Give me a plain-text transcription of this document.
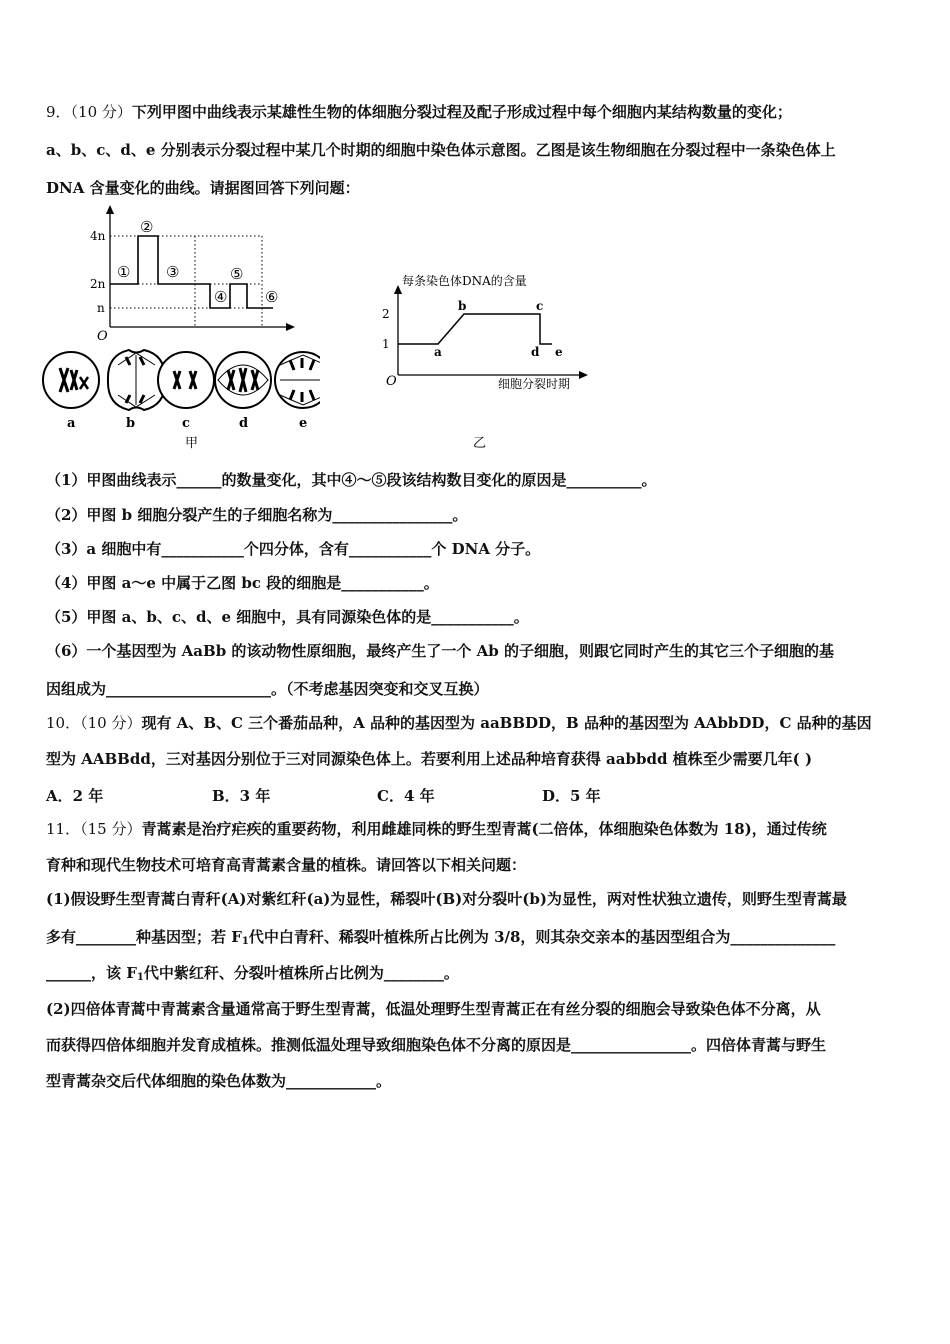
9．（10 分）下列甲图中曲线表示某雄性生物的体细胞分裂过程及配子形成过程中每个细胞内某结构数量的变化；
a、b、c、d、e 分别表示分裂过程中某几个时期的细胞中染色体示意图。乙图是该生物细胞在分裂过程中一条染色体上
DNA 含量变化的曲线。请据图回答下列问题：
4n
2n
n
O
①
②
③
④
⑤
⑥
a	b	c	d	e
甲
每条染色体DNA的含量
2
1
O
a
b	c
d e
细胞分裂时期
乙
（1）甲图曲线表示______的数量变化，其中④～⑤段该结构数目变化的原因是__________。
（2）甲图 b 细胞分裂产生的子细胞名称为________________。
（3）a 细胞中有___________个四分体，含有___________个 DNA 分子。
（4）甲图 a～e 中属于乙图 bc 段的细胞是___________。
（5）甲图 a、b、c、d、e 细胞中，具有同源染色体的是___________。
（6）一个基因型为 AaBb 的该动物性原细胞，最终产生了一个 Ab 的子细胞，则跟它同时产生的其它三个子细胞的基
因组成为______________________。（不考虑基因突变和交叉互换）
10．（10 分）现有 A、B、C 三个番茄品种，A 品种的基因型为 aaBBDD，B 品种的基因型为 AAbbDD，C 品种的基因
型为 AABBdd，三对基因分别位于三对同源染色体上。若要利用上述品种培育获得 aabbdd 植株至少需要几年( )
A．2 年	B．3 年	C．4 年	D．5 年
11．（15 分）青蒿素是治疗疟疾的重要药物，利用雌雄同株的野生型青蒿(二倍体，体细胞染色体数为 18)，通过传统
育种和现代生物技术可培育高青蒿素含量的植株。请回答以下相关问题：
(1)假设野生型青蒿白青秆(A)对紫红秆(a)为显性，稀裂叶(B)对分裂叶(b)为显性，两对性状独立遗传，则野生型青蒿最
多有________种基因型；若 $F_1$代中白青秆、稀裂叶植株所占比例为 3/8，则其杂交亲本的基因型组合为______________
______，该 $F_1$代中紫红秆、分裂叶植株所占比例为________。
(2)四倍体青蒿中青蒿素含量通常高于野生型青蒿，低温处理野生型青蒿正在有丝分裂的细胞会导致染色体不分离，从
而获得四倍体细胞并发育成植株。推测低温处理导致细胞染色体不分离的原因是________________。四倍体青蒿与野生
型青蒿杂交后代体细胞的染色体数为____________。
